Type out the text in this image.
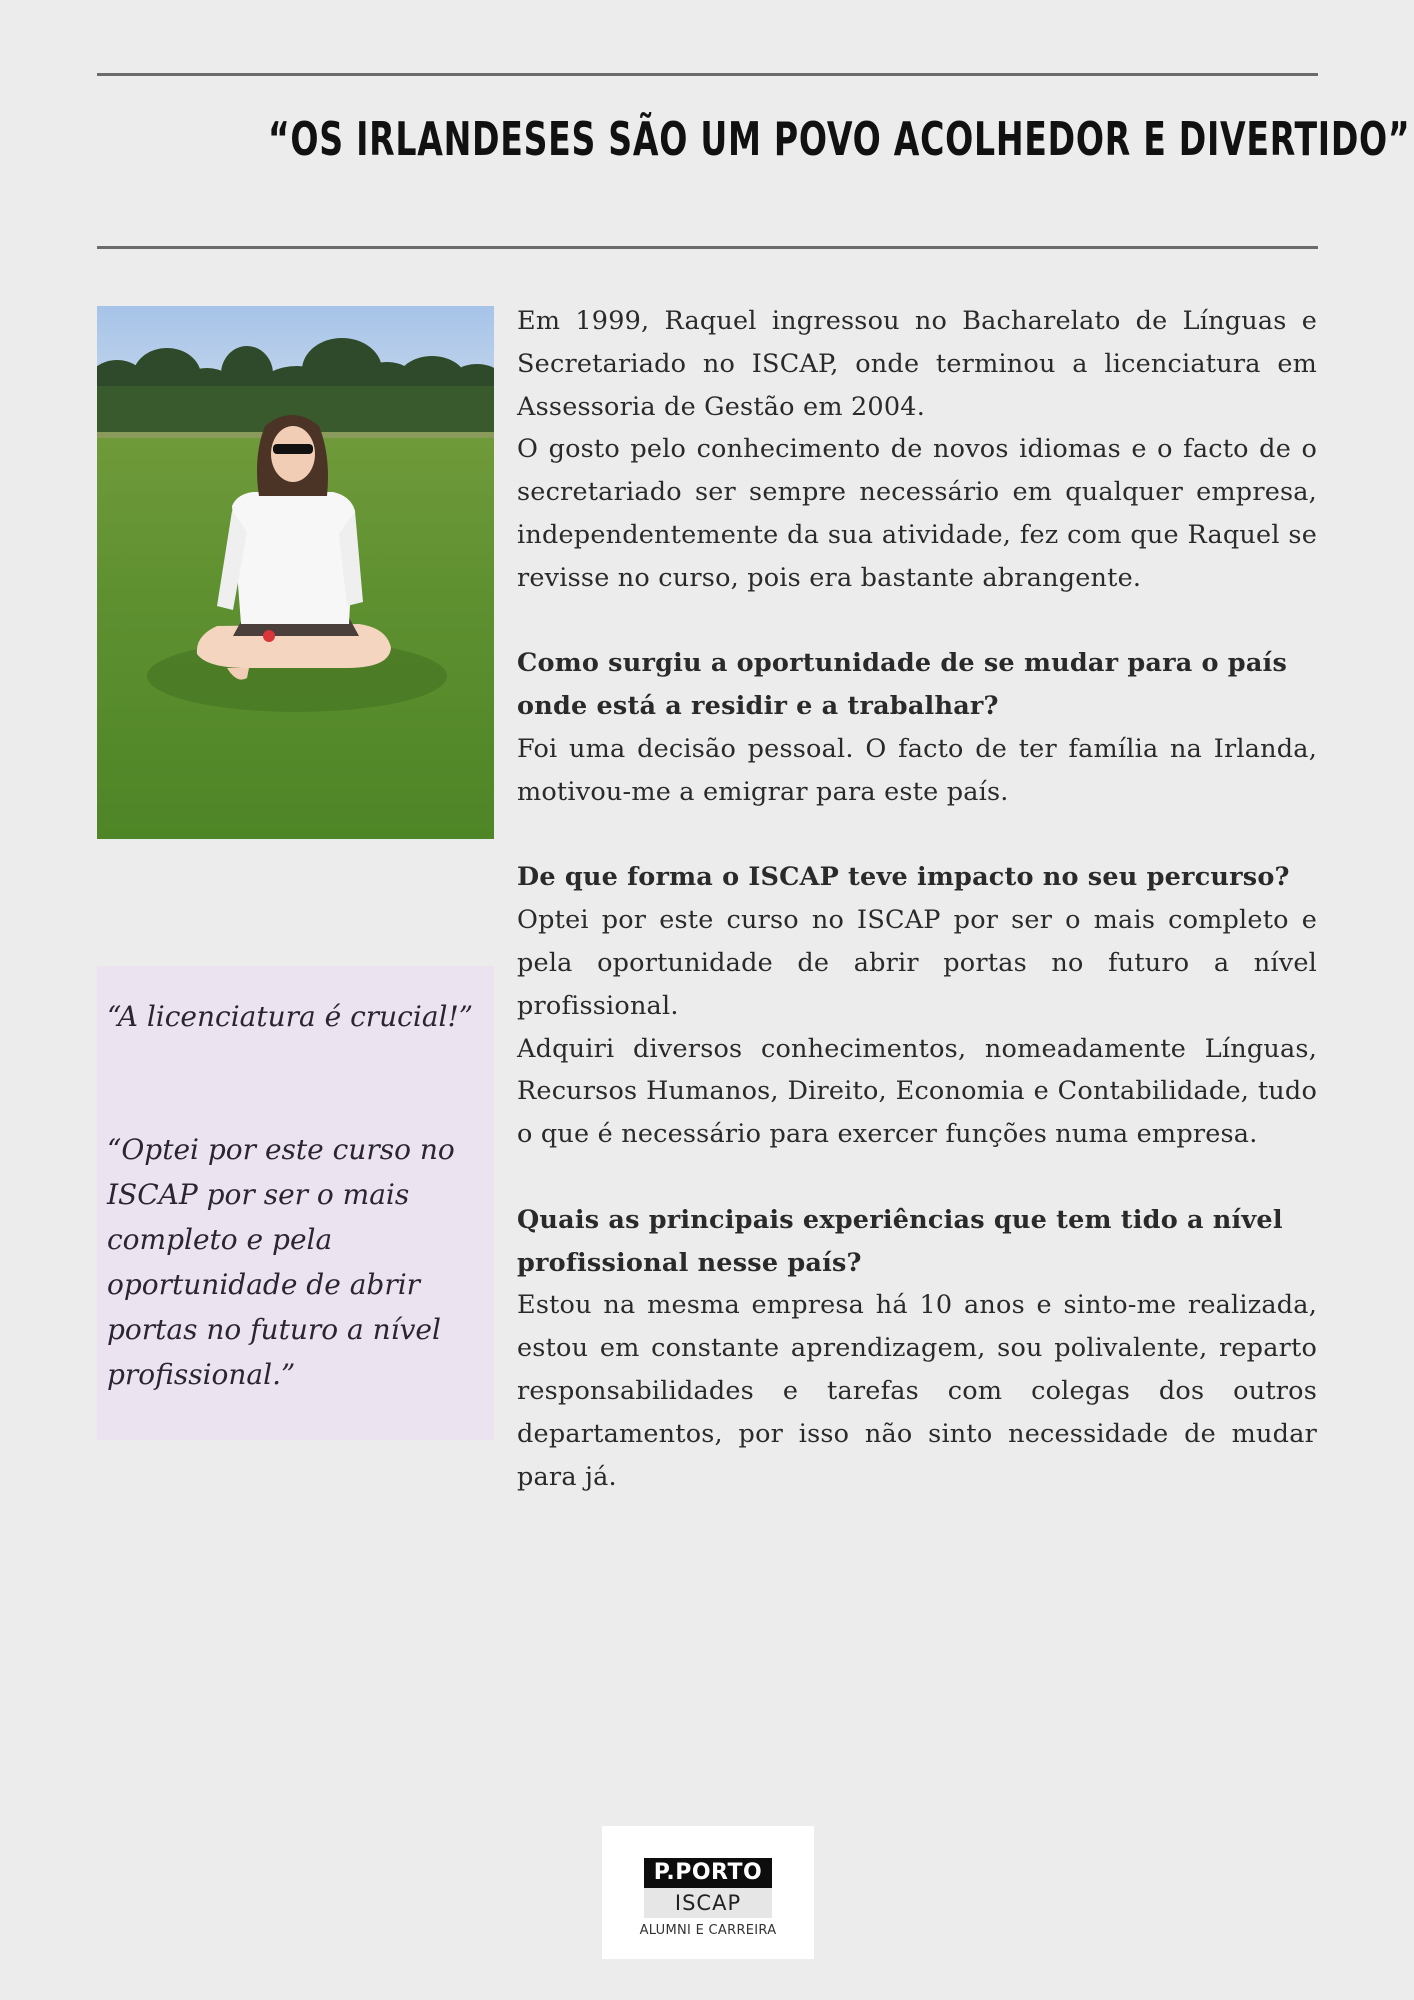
“OS IRLANDESES SÃO UM POVO ACOLHEDOR E DIVERTIDO”

“A licenciatura é crucial!”

“Optei por este curso no ISCAP por ser o mais completo e pela oportunidade de abrir portas no futuro a nível profissional.”

Em 1999, Raquel ingressou no Bacharelato de Línguas e Secretariado no ISCAP, onde terminou a licenciatura em Assessoria de Gestão em 2004.

O gosto pelo conhecimento de novos idiomas e o facto de o secretariado ser sempre necessário em qualquer empresa, independentemente da sua atividade, fez com que Raquel se revisse no curso, pois era bastante abrangente.

Como surgiu a oportunidade de se mudar para o país onde está a residir e a trabalhar?

Foi uma decisão pessoal. O facto de ter família na Irlanda, motivou-me a emigrar para este país.

De que forma o ISCAP teve impacto no seu percurso?

Optei por este curso no ISCAP por ser o mais completo e pela oportunidade de abrir portas no futuro a nível profissional.

Adquiri diversos conhecimentos, nomeadamente Línguas, Recursos Humanos, Direito, Economia e Contabilidade, tudo o que é necessário para exercer funções numa empresa.

Quais as principais experiências que tem tido a nível profissional nesse país?

Estou na mesma empresa há 10 anos e sinto-me realizada, estou em constante aprendizagem, sou polivalente, reparto responsabilidades e tarefas com colegas dos outros departamentos, por isso não sinto necessidade de mudar para já.

P.PORTO
ISCAP
ALUMNI E CARREIRA
